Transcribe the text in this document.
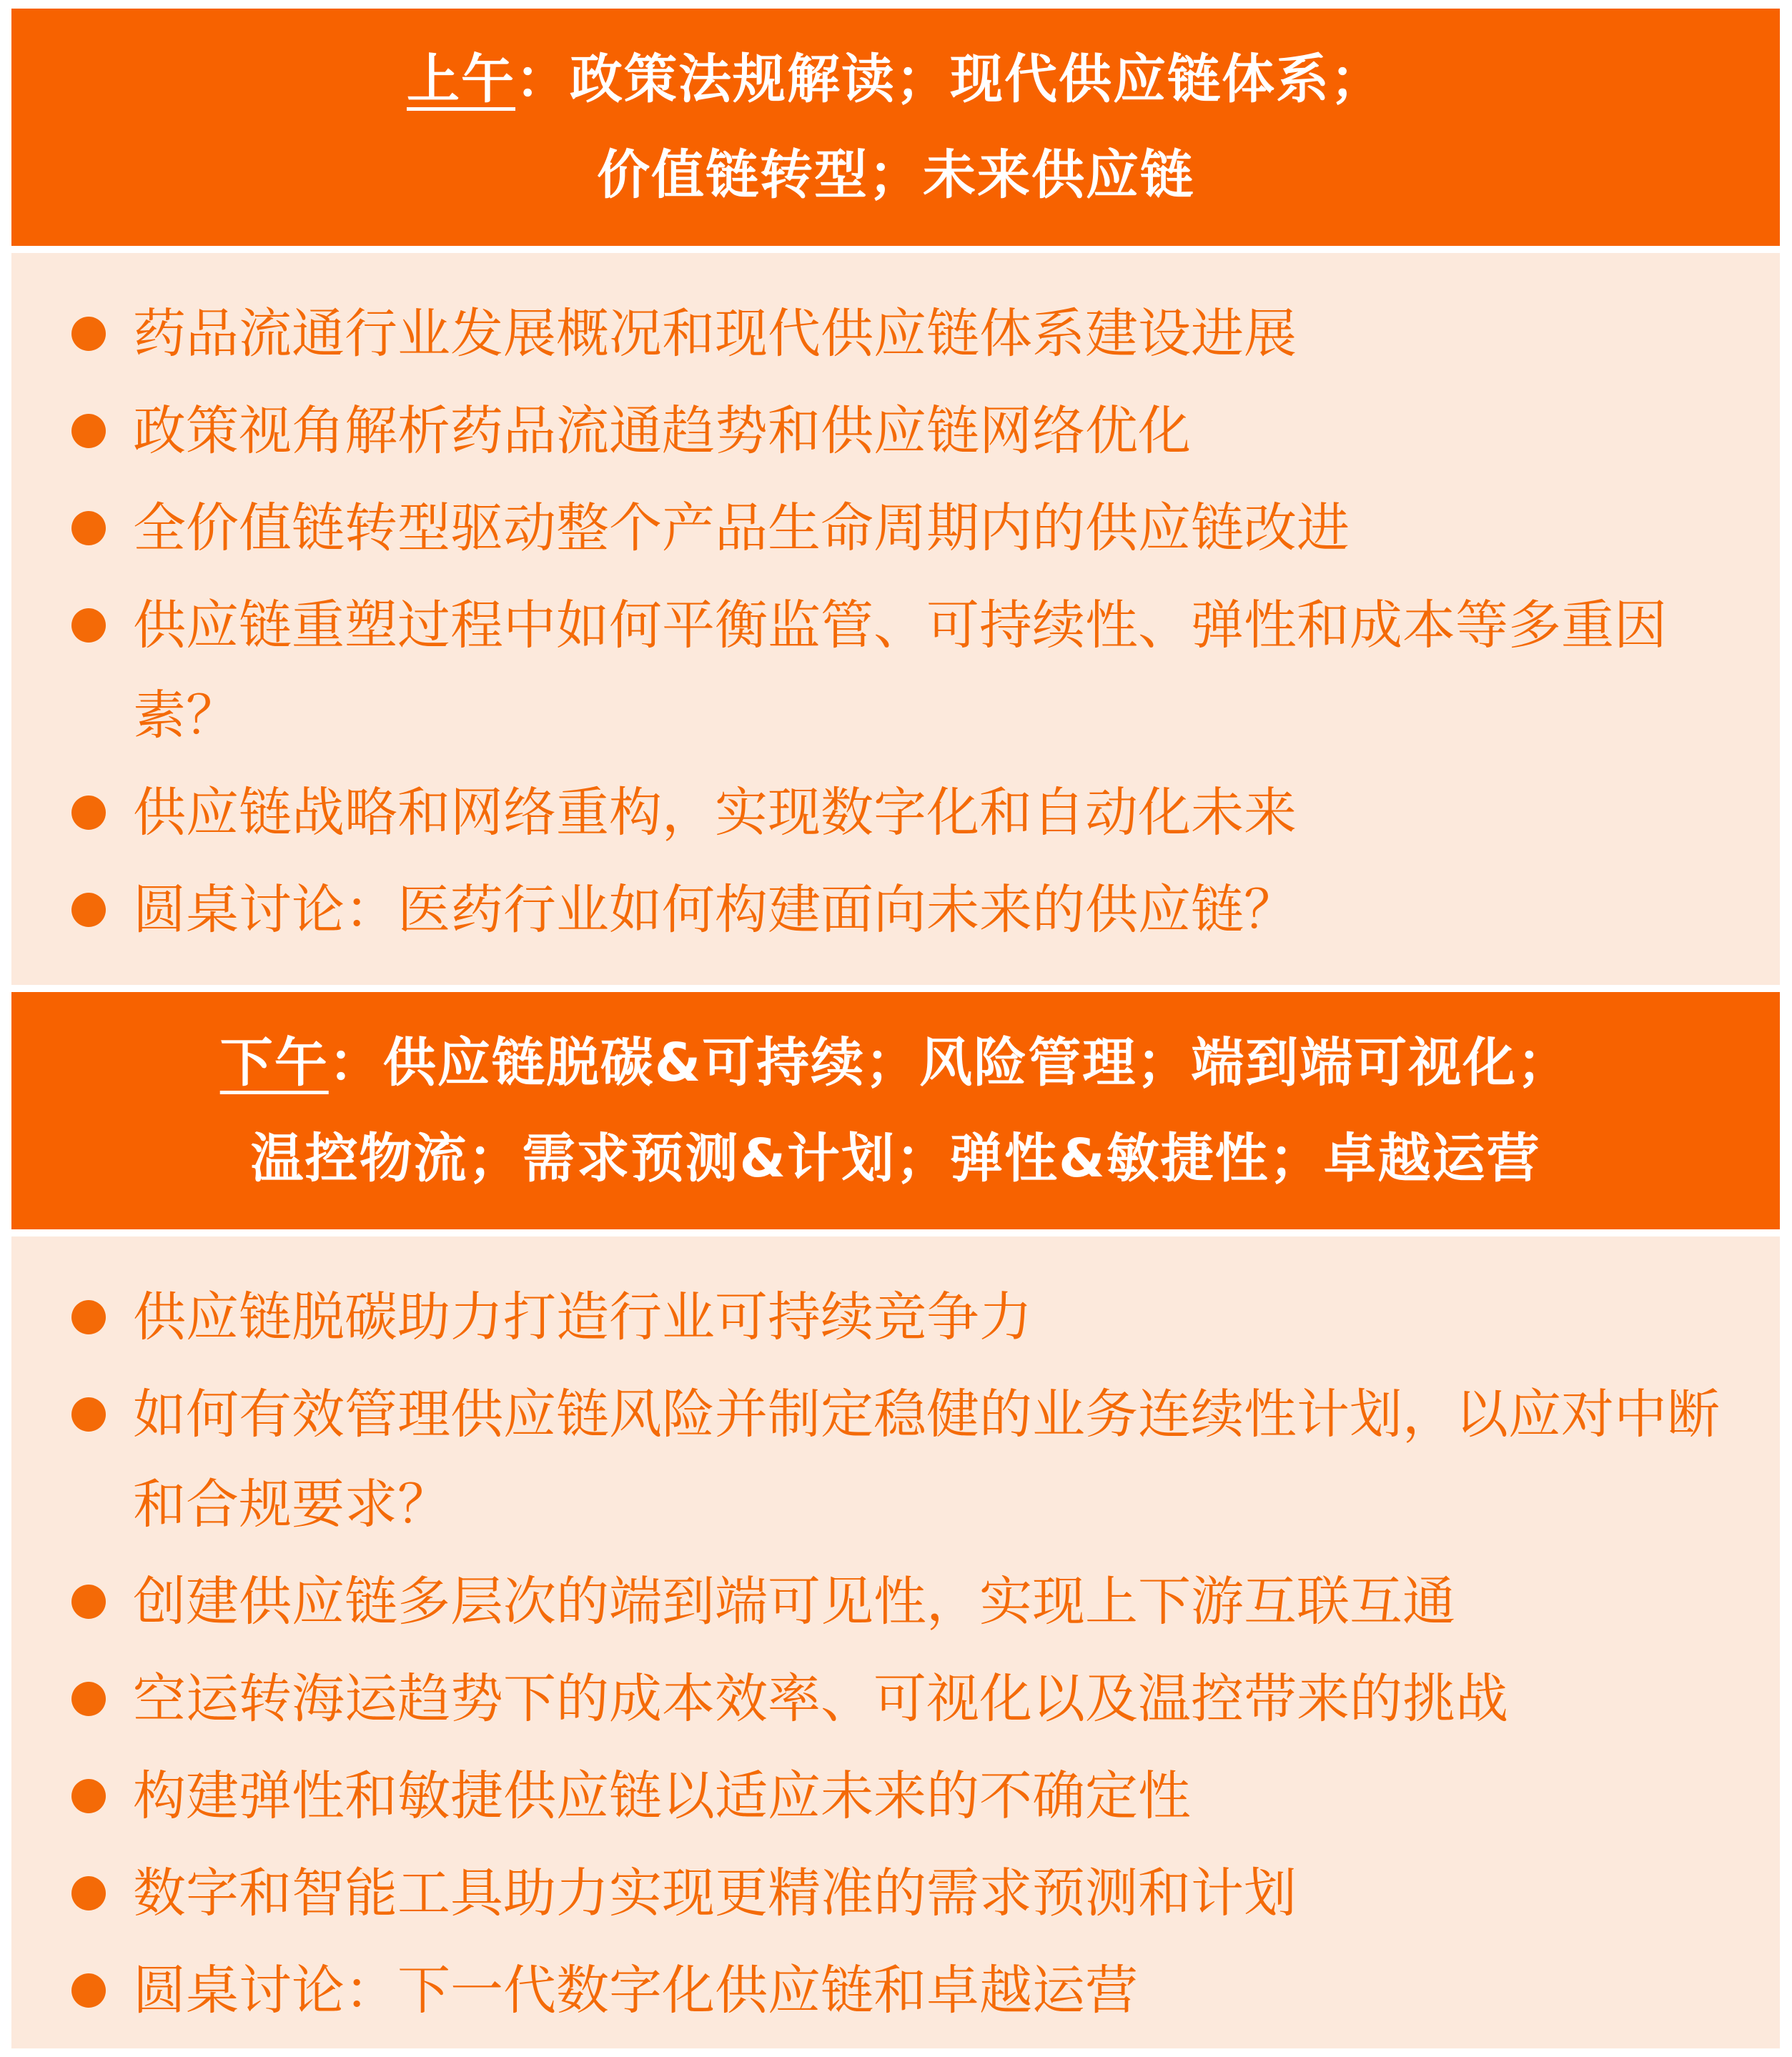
上午：政策法规解读；现代供应链体系；
价值链转型；未来供应链
药品流通行业发展概况和现代供应链体系建设进展
政策视角解析药品流通趋势和供应链网络优化
全价值链转型驱动整个产品生命周期内的供应链改进
供应链重塑过程中如何平衡监管、可持续性、弹性和成本等多重因素？
供应链战略和网络重构，实现数字化和自动化未来
圆桌讨论：医药行业如何构建面向未来的供应链？
下午：供应链脱碳&可持续；风险管理；端到端可视化；
温控物流；需求预测&计划；弹性&敏捷性；卓越运营
供应链脱碳助力打造行业可持续竞争力
如何有效管理供应链风险并制定稳健的业务连续性计划，以应对中断和合规要求？
创建供应链多层次的端到端可见性，实现上下游互联互通
空运转海运趋势下的成本效率、可视化以及温控带来的挑战
构建弹性和敏捷供应链以适应未来的不确定性
数字和智能工具助力实现更精准的需求预测和计划
圆桌讨论：下一代数字化供应链和卓越运营
